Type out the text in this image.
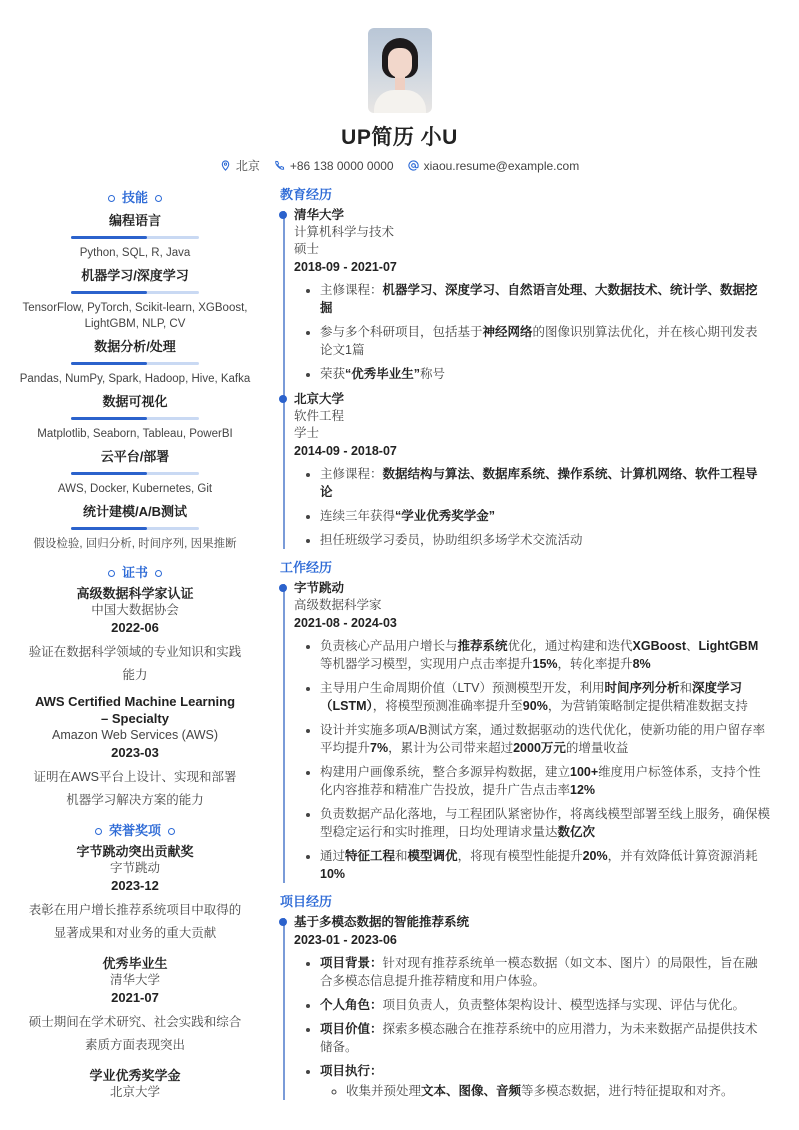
UP简历 小U
北京	+86 138 0000 0000	xiaou.resume@example.com
技能
编程语言
Python, SQL, R, Java
机器学习/深度学习
TensorFlow, PyTorch, Scikit-learn, XGBoost, LightGBM, NLP, CV
数据分析/处理
Pandas, NumPy, Spark, Hadoop, Hive, Kafka
数据可视化
Matplotlib, Seaborn, Tableau, PowerBI
云平台/部署
AWS, Docker, Kubernetes, Git
统计建模/A/B测试
假设检验, 回归分析, 时间序列, 因果推断
证书
高级数据科学家认证
中国大数据协会
2022-06
验证在数据科学领域的专业知识和实践能力
AWS Certified Machine Learning – Specialty
Amazon Web Services (AWS)
2023-03
证明在AWS平台上设计、实现和部署机器学习解决方案的能力
荣誉奖项
字节跳动突出贡献奖
字节跳动
2023-12
表彰在用户增长推荐系统项目中取得的显著成果和对业务的重大贡献
优秀毕业生
清华大学
2021-07
硕士期间在学术研究、社会实践和综合素质方面表现突出
学业优秀奖学金
北京大学
教育经历
清华大学
计算机科学与技术
硕士
2018-09 - 2021-07
• 主修课程：机器学习、深度学习、自然语言处理、大数据技术、统计学、数据挖掘
• 参与多个科研项目，包括基于神经网络的图像识别算法优化，并在核心期刊发表论文1篇
• 荣获“优秀毕业生”称号
北京大学
软件工程
学士
2014-09 - 2018-07
• 主修课程：数据结构与算法、数据库系统、操作系统、计算机网络、软件工程导论
• 连续三年获得“学业优秀奖学金”
• 担任班级学习委员，协助组织多场学术交流活动
工作经历
字节跳动
高级数据科学家
2021-08 - 2024-03
• 负责核心产品用户增长与推荐系统优化，通过构建和迭代XGBoost、LightGBM等机器学习模型，实现用户点击率提升15%，转化率提升8%
• 主导用户生命周期价值（LTV）预测模型开发，利用时间序列分析和深度学习（LSTM），将模型预测准确率提升至90%，为营销策略制定提供精准数据支持
• 设计并实施多项A/B测试方案，通过数据驱动的迭代优化，使新功能的用户留存率平均提升7%，累计为公司带来超过2000万元的增量收益
• 构建用户画像系统，整合多源异构数据，建立100+维度用户标签体系，支持个性化内容推荐和精准广告投放，提升广告点击率12%
• 负责数据产品化落地，与工程团队紧密协作，将离线模型部署至线上服务，确保模型稳定运行和实时推理，日均处理请求量达数亿次
• 通过特征工程和模型调优，将现有模型性能提升20%，并有效降低计算资源消耗10%
项目经历
基于多模态数据的智能推荐系统
2023-01 - 2023-06
• 项目背景：针对现有推荐系统单一模态数据（如文本、图片）的局限性，旨在融合多模态信息提升推荐精度和用户体验。
• 个人角色：项目负责人，负责整体架构设计、模型选择与实现、评估与优化。
• 项目价值：探索多模态融合在推荐系统中的应用潜力，为未来数据产品提供技术储备。
• 项目执行：
◦ 收集并预处理文本、图像、音频等多模态数据，进行特征提取和对齐。
